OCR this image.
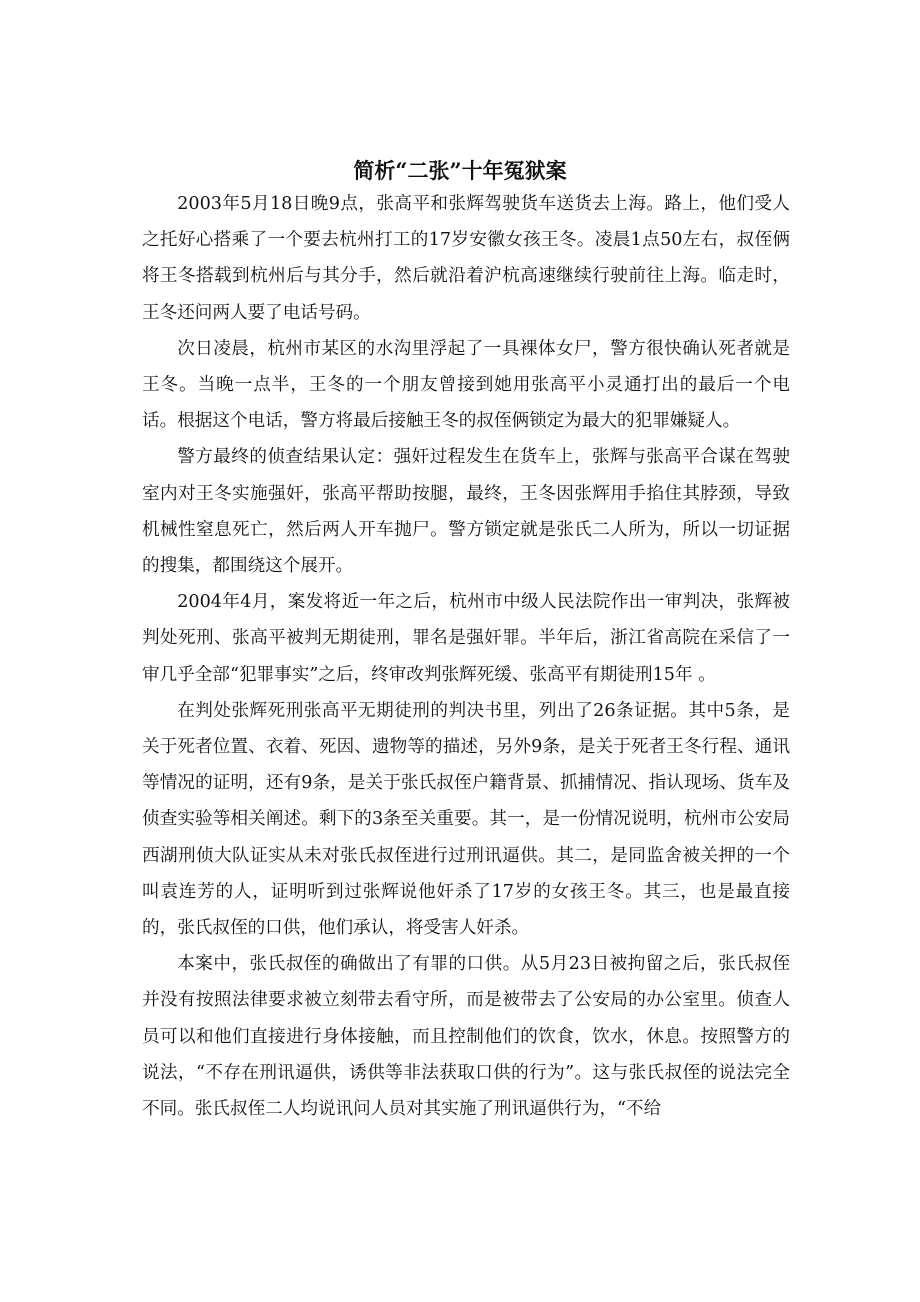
简析“二张”十年冤狱案

2003年5月18日晚9点，张高平和张辉驾驶货车送货去上海。路上，他们受人之托好心搭乘了一个要去杭州打工的17岁安徽女孩王冬。凌晨1点50左右，叔侄俩将王冬搭载到杭州后与其分手，然后就沿着沪杭高速继续行驶前往上海。临走时，王冬还问两人要了电话号码。

次日凌晨，杭州市某区的水沟里浮起了一具裸体女尸，警方很快确认死者就是王冬。当晚一点半，王冬的一个朋友曾接到她用张高平小灵通打出的最后一个电话。根据这个电话，警方将最后接触王冬的叔侄俩锁定为最大的犯罪嫌疑人。

警方最终的侦查结果认定：强奸过程发生在货车上，张辉与张高平合谋在驾驶室内对王冬实施强奸，张高平帮助按腿，最终，王冬因张辉用手掐住其脖颈，导致机械性窒息死亡，然后两人开车抛尸。警方锁定就是张氏二人所为，所以一切证据的搜集，都围绕这个展开。

2004年4月，案发将近一年之后，杭州市中级人民法院作出一审判决，张辉被判处死刑、张高平被判无期徒刑，罪名是强奸罪。半年后，浙江省高院在采信了一审几乎全部“犯罪事实”之后，终审改判张辉死缓、张高平有期徒刑15年 。

在判处张辉死刑张高平无期徒刑的判决书里，列出了26条证据。其中5条，是关于死者位置、衣着、死因、遗物等的描述，另外9条，是关于死者王冬行程、通讯等情况的证明，还有9条，是关于张氏叔侄户籍背景、抓捕情况、指认现场、货车及侦查实验等相关阐述。剩下的3条至关重要。其一，是一份情况说明，杭州市公安局西湖刑侦大队证实从未对张氏叔侄进行过刑讯逼供。其二，是同监舍被关押的一个叫袁连芳的人，证明听到过张辉说他奸杀了17岁的女孩王冬。其三，也是最直接的，张氏叔侄的口供，他们承认，将受害人奸杀。

本案中，张氏叔侄的确做出了有罪的口供。从5月23日被拘留之后，张氏叔侄并没有按照法律要求被立刻带去看守所，而是被带去了公安局的办公室里。侦查人员可以和他们直接进行身体接触，而且控制他们的饮食，饮水，休息。按照警方的说法，“不存在刑讯逼供，诱供等非法获取口供的行为”。这与张氏叔侄的说法完全不同。张氏叔侄二人均说讯问人员对其实施了刑讯逼供行为，“不给
